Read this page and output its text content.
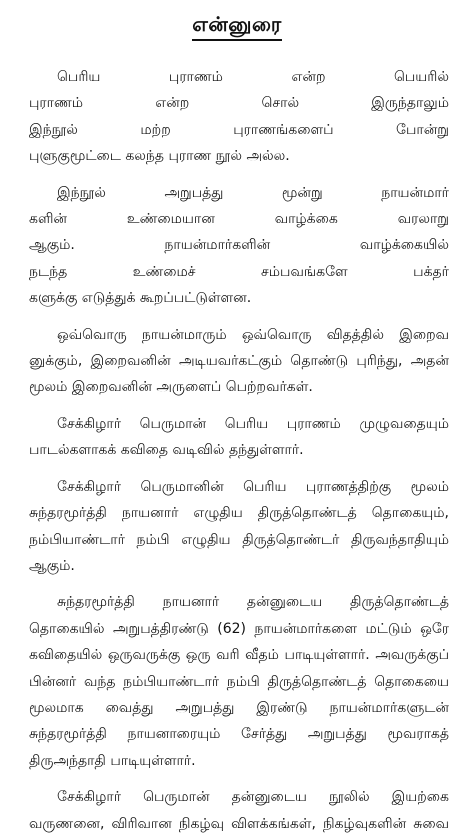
என்னுரை
பெரிய புராணம் என்ற பெயரில்
புராணம் என்ற சொல் இருந்தாலும்
இந்நூல் மற்ற புராணங்களைப் போன்று
புளுகுமூட்டை கலந்த புராண நூல் அல்ல.
இந்நூல் அறுபத்து மூன்று நாயன்மார்
களின் உண்மையான வாழ்க்கை வரலாறு
ஆகும். நாயன்மார்களின் வாழ்க்கையில்
நடந்த உண்மைச் சம்பவங்களே பக்தர்
களுக்கு எடுத்துக் கூறப்பட்டுள்ளன.
ஒவ்வொரு நாயன்மாரும் ஒவ்வொரு விதத்தில் இறைவ
னுக்கும், இறைவனின் அடியவர்கட்கும் தொண்டு புரிந்து, அதன்
மூலம் இறைவனின் அருளைப் பெற்றவர்கள்.
சேக்கிழார் பெருமான் பெரிய புராணம் முழுவதையும்
பாடல்களாகக் கவிதை வடிவில் தந்துள்ளார்.
சேக்கிழார் பெருமானின் பெரிய புராணத்திற்கு மூலம்
சுந்தரமூர்த்தி நாயனார் எழுதிய திருத்தொண்டத் தொகையும்,
நம்பியாண்டார் நம்பி எழுதிய திருத்தொண்டர் திருவந்தாதியும்
ஆகும்.
சுந்தரமூர்த்தி நாயனார் தன்னுடைய திருத்தொண்டத்
தொகையில் அறுபத்திரண்டு (62) நாயன்மார்களை மட்டும் ஒரே
கவிதையில் ஒருவருக்கு ஒரு வரி வீதம் பாடியுள்ளார். அவருக்குப்
பின்னர் வந்த நம்பியாண்டார் நம்பி திருத்தொண்டத் தொகையை
மூலமாக வைத்து அறுபத்து இரண்டு நாயன்மார்களுடன்
சுந்தரமூர்த்தி நாயனாரையும் சேர்த்து அறுபத்து மூவராகத்
திருஅந்தாதி பாடியுள்ளார்.
சேக்கிழார் பெருமான் தன்னுடைய நூலில் இயற்கை
வருணனை, விரிவான நிகழ்வு விளக்கங்கள், நிகழ்வுகளின் சுவை
